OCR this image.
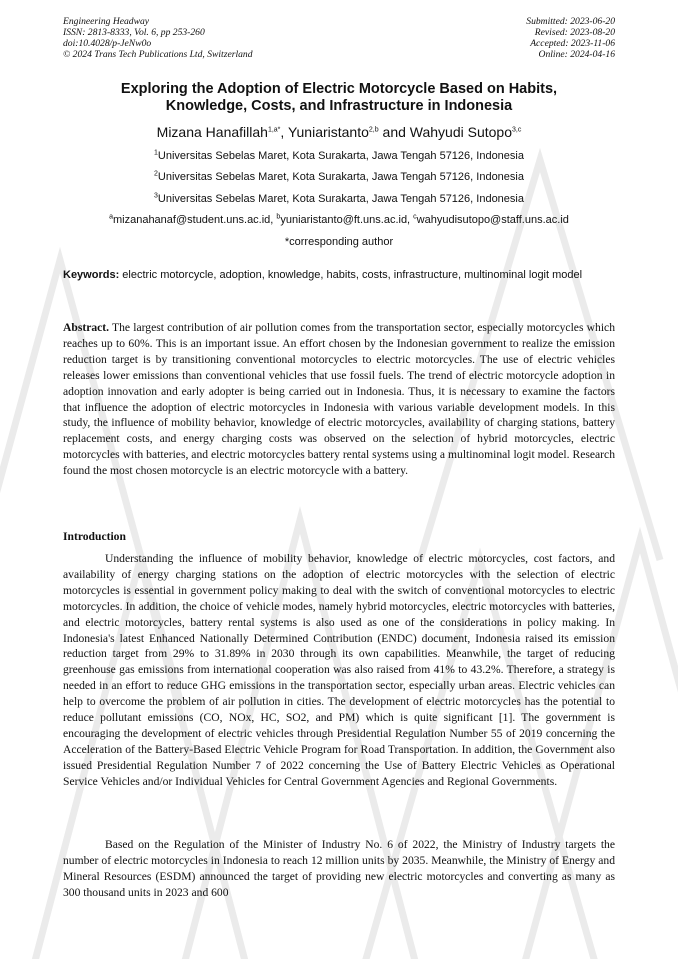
Engineering Headway
ISSN: 2813-8333, Vol. 6, pp 253-260
doi:10.4028/p-JeNw0o
© 2024 Trans Tech Publications Ltd, Switzerland
Submitted: 2023-06-20
Revised: 2023-08-20
Accepted: 2023-11-06
Online: 2024-04-16
Exploring the Adoption of Electric Motorcycle Based on Habits,
Knowledge, Costs, and Infrastructure in Indonesia
Mizana Hanafillah$^{1,a*}$, Yuniaristanto$^{2,b}$ and Wahyudi Sutopo$^{3,c}$
$^1$Universitas Sebelas Maret, Kota Surakarta, Jawa Tengah 57126, Indonesia
$^2$Universitas Sebelas Maret, Kota Surakarta, Jawa Tengah 57126, Indonesia
$^3$Universitas Sebelas Maret, Kota Surakarta, Jawa Tengah 57126, Indonesia
$^a$mizanahanaf@student.uns.ac.id, $^b$yuniaristanto@ft.uns.ac.id, $^c$wahyudisutopo@staff.uns.ac.id
*corresponding author
Keywords: electric motorcycle, adoption, knowledge, habits, costs, infrastructure, multinominal logit model
Abstract. The largest contribution of air pollution comes from the transportation sector, especially motorcycles which reaches up to 60%. This is an important issue. An effort chosen by the Indonesian government to realize the emission reduction target is by transitioning conventional motorcycles to electric motorcycles. The use of electric vehicles releases lower emissions than conventional vehicles that use fossil fuels. The trend of electric motorcycle adoption in adoption innovation and early adopter is being carried out in Indonesia. Thus, it is necessary to examine the factors that influence the adoption of electric motorcycles in Indonesia with various variable development models. In this study, the influence of mobility behavior, knowledge of electric motorcycles, availability of charging stations, battery replacement costs, and energy charging costs was observed on the selection of hybrid motorcycles, electric motorcycles with batteries, and electric motorcycles battery rental systems using a multinominal logit model. Research found the most chosen motorcycle is an electric motorcycle with a battery.
Introduction

Understanding the influence of mobility behavior, knowledge of electric motorcycles, cost factors, and availability of energy charging stations on the adoption of electric motorcycles with the selection of electric motorcycles is essential in government policy making to deal with the switch of conventional motorcycles to electric motorcycles. In addition, the choice of vehicle modes, namely hybrid motorcycles, electric motorcycles with batteries, and electric motorcycles, battery rental systems is also used as one of the considerations in policy making. In Indonesia's latest Enhanced Nationally Determined Contribution (ENDC) document, Indonesia raised its emission reduction target from 29% to 31.89% in 2030 through its own capabilities. Meanwhile, the target of reducing greenhouse gas emissions from international cooperation was also raised from 41% to 43.2%. Therefore, a strategy is needed in an effort to reduce GHG emissions in the transportation sector, especially urban areas. Electric vehicles can help to overcome the problem of air pollution in cities. The development of electric motorcycles has the potential to reduce pollutant emissions (CO, NOx, HC, SO2, and PM) which is quite significant [1]. The government is encouraging the development of electric vehicles through Presidential Regulation Number 55 of 2019 concerning the Acceleration of the Battery-Based Electric Vehicle Program for Road Transportation. In addition, the Government also issued Presidential Regulation Number 7 of 2022 concerning the Use of Battery Electric Vehicles as Operational Service Vehicles and/or Individual Vehicles for Central Government Agencies and Regional Governments.

Based on the Regulation of the Minister of Industry No. 6 of 2022, the Ministry of Industry targets the number of electric motorcycles in Indonesia to reach 12 million units by 2035. Meanwhile, the Ministry of Energy and Mineral Resources (ESDM) announced the target of providing new electric motorcycles and converting as many as 300 thousand units in 2023 and 600
